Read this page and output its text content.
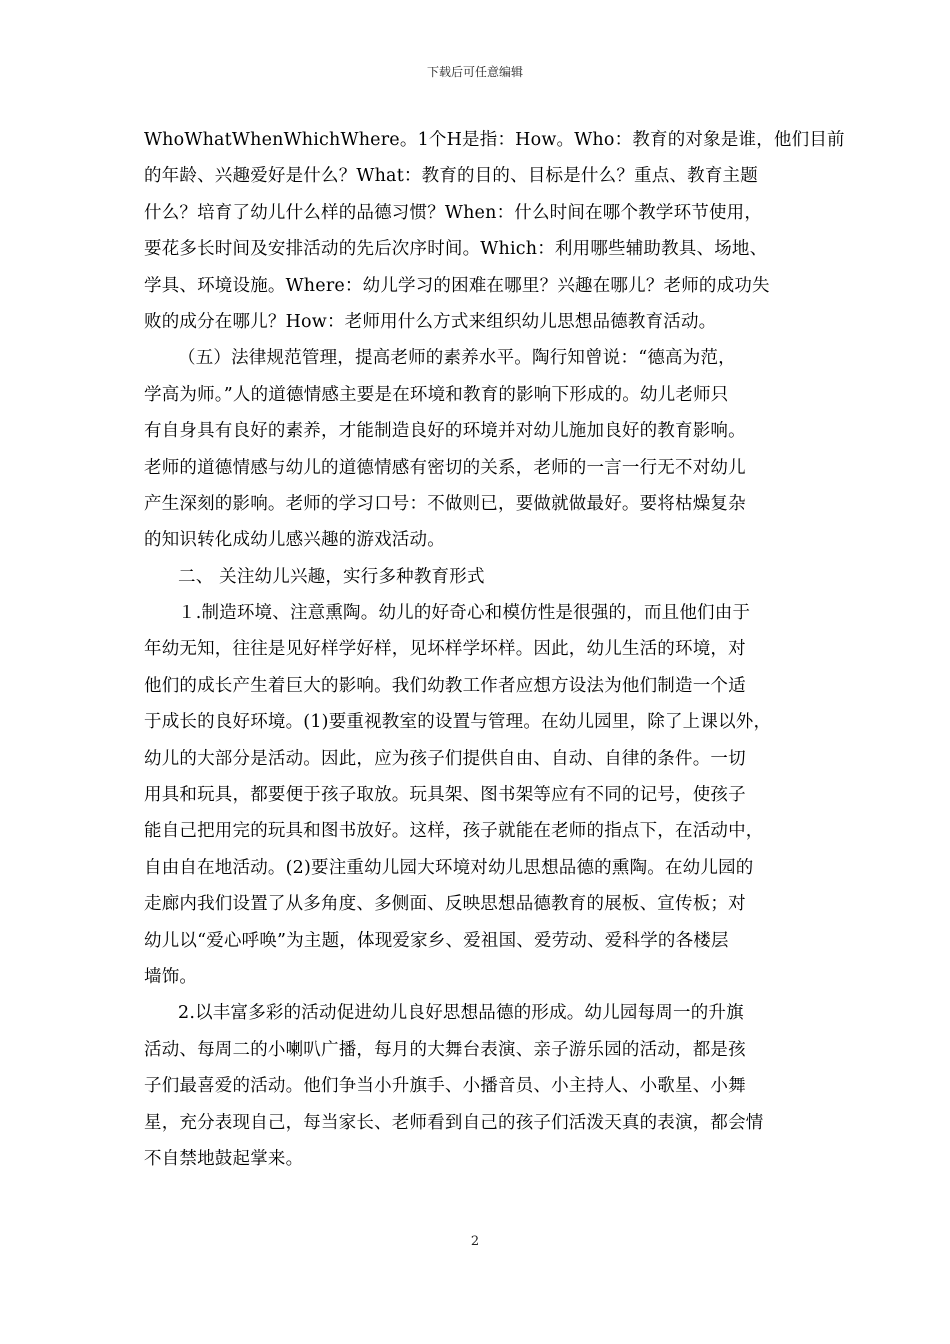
下载后可任意编辑
WhoWhatWhenWhichWhere。1个H是指：How。Who：教育的对象是谁，他们目前
的年龄、兴趣爱好是什么？What：教育的目的、目标是什么？重点、教育主题
什么？培育了幼儿什么样的品德习惯？When：什么时间在哪个教学环节使用，
要花多长时间及安排活动的先后次序时间。Which：利用哪些辅助教具、场地、
学具、环境设施。Where：幼儿学习的困难在哪里？兴趣在哪儿？老师的成功失
败的成分在哪儿？How：老师用什么方式来组织幼儿思想品德教育活动。
（五）法律规范管理，提高老师的素养水平。陶行知曾说：“德高为范，
学高为师。”人的道德情感主要是在环境和教育的影响下形成的。幼儿老师只
有自身具有良好的素养，才能制造良好的环境并对幼儿施加良好的教育影响。
老师的道德情感与幼儿的道德情感有密切的关系，老师的一言一行无不对幼儿
产生深刻的影响。老师的学习口号：不做则已，要做就做最好。要将枯燥复杂
的知识转化成幼儿感兴趣的游戏活动。
二、 关注幼儿兴趣，实行多种教育形式
１.制造环境、注意熏陶。幼儿的好奇心和模仿性是很强的，而且他们由于
年幼无知，往往是见好样学好样，见坏样学坏样。因此，幼儿生活的环境，对
他们的成长产生着巨大的影响。我们幼教工作者应想方设法为他们制造一个适
于成长的良好环境。(1)要重视教室的设置与管理。在幼儿园里，除了上课以外，
幼儿的大部分是活动。因此，应为孩子们提供自由、自动、自律的条件。一切
用具和玩具，都要便于孩子取放。玩具架、图书架等应有不同的记号，使孩子
能自己把用完的玩具和图书放好。这样，孩子就能在老师的指点下，在活动中，
自由自在地活动。(2)要注重幼儿园大环境对幼儿思想品德的熏陶。在幼儿园的
走廊内我们设置了从多角度、多侧面、反映思想品德教育的展板、宣传板；对
幼儿以“爱心呼唤”为主题，体现爱家乡、爱祖国、爱劳动、爱科学的各楼层
墙饰。
2.以丰富多彩的活动促进幼儿良好思想品德的形成。幼儿园每周一的升旗
活动、每周二的小喇叭广播，每月的大舞台表演、亲子游乐园的活动，都是孩
子们最喜爱的活动。他们争当小升旗手、小播音员、小主持人、小歌星、小舞
星，充分表现自己，每当家长、老师看到自己的孩子们活泼天真的表演，都会情
不自禁地鼓起掌来。
2
